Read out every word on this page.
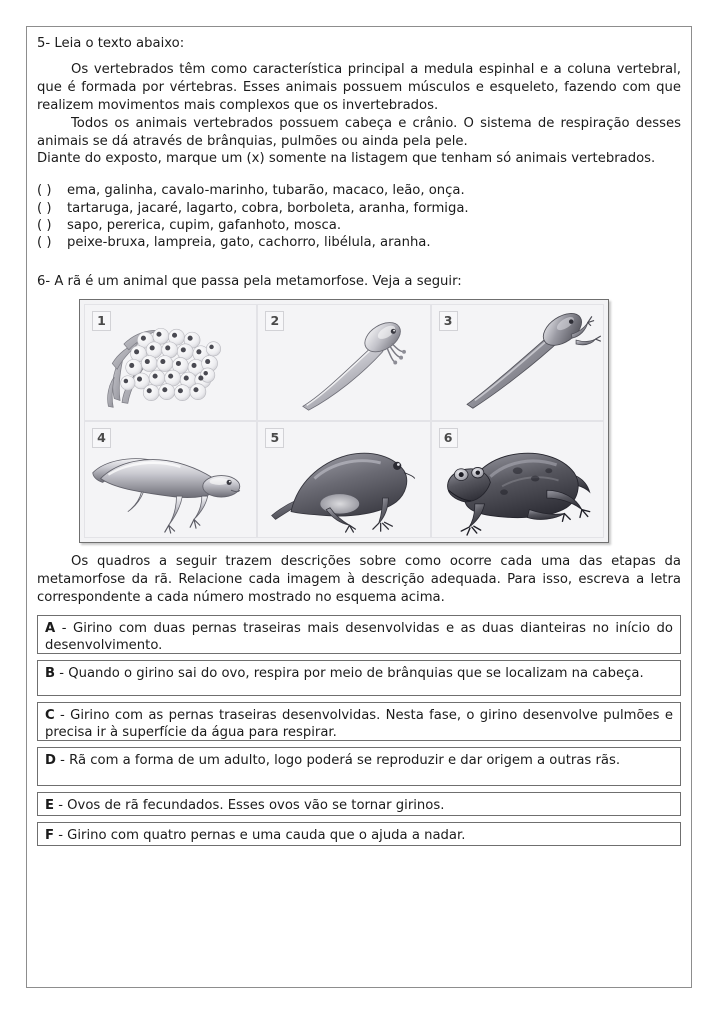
5- Leia o texto abaixo:

Os vertebrados têm como característica principal a medula espinhal e a coluna vertebral, que é formada por vértebras. Esses animais possuem músculos e esqueleto, fazendo com que realizem movimentos mais complexos que os invertebrados.

Todos os animais vertebrados possuem cabeça e crânio. O sistema de respiração desses animais se dá através de brânquias, pulmões ou ainda pela pele.

Diante do exposto, marque um (x) somente na listagem que tenham só animais vertebrados.

( ) ema, galinha, cavalo-marinho, tubarão, macaco, leão, onça.
( ) tartaruga, jacaré, lagarto, cobra, borboleta, aranha, formiga.
( ) sapo, pererica, cupim, gafanhoto, mosca.
( ) peixe-bruxa, lampreia, gato, cachorro, libélula, aranha.

6- A rã é um animal que passa pela metamorfose. Veja a seguir:

1	2	3
4	5	6

Os quadros a seguir trazem descrições sobre como ocorre cada uma das etapas da metamorfose da rã. Relacione cada imagem à descrição adequada. Para isso, escreva a letra correspondente a cada número mostrado no esquema acima.

A - Girino com duas pernas traseiras mais desenvolvidas e as duas dianteiras no início do desenvolvimento.
B - Quando o girino sai do ovo, respira por meio de brânquias que se localizam na cabeça.
C - Girino com as pernas traseiras desenvolvidas. Nesta fase, o girino desenvolve pulmões e precisa ir à superfície da água para respirar.
D - Rã com a forma de um adulto, logo poderá se reproduzir e dar origem a outras rãs.
E - Ovos de rã fecundados. Esses ovos vão se tornar girinos.
F - Girino com quatro pernas e uma cauda que o ajuda a nadar.
